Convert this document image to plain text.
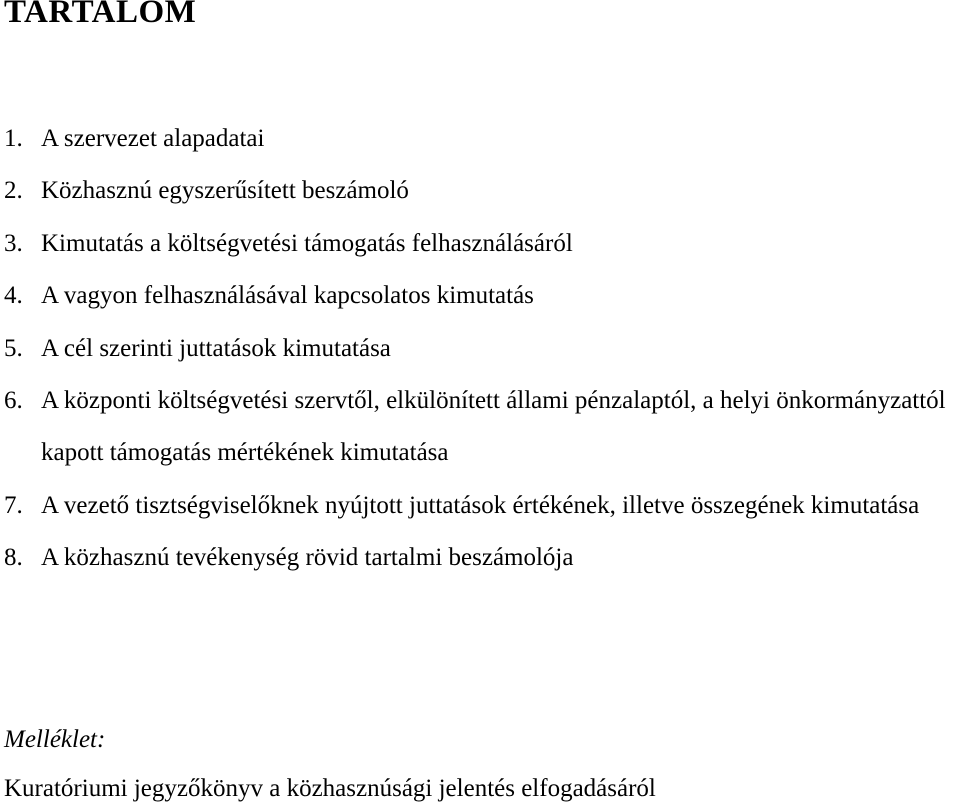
TARTALOM
1. A szervezet alapadatai
2. Közhasznú egyszerűsített beszámoló
3. Kimutatás a költségvetési támogatás felhasználásáról
4. A vagyon felhasználásával kapcsolatos kimutatás
5. A cél szerinti juttatások kimutatása
6. A központi költségvetési szervtől, elkülönített állami pénzalaptól, a helyi önkormányzattól kapott támogatás mértékének kimutatása
7. A vezető tisztségviselőknek nyújtott juttatások értékének, illetve összegének kimutatása
8. A közhasznú tevékenység rövid tartalmi beszámolója
Melléklet:
Kuratóriumi jegyzőkönyv a közhasznúsági jelentés elfogadásáról
